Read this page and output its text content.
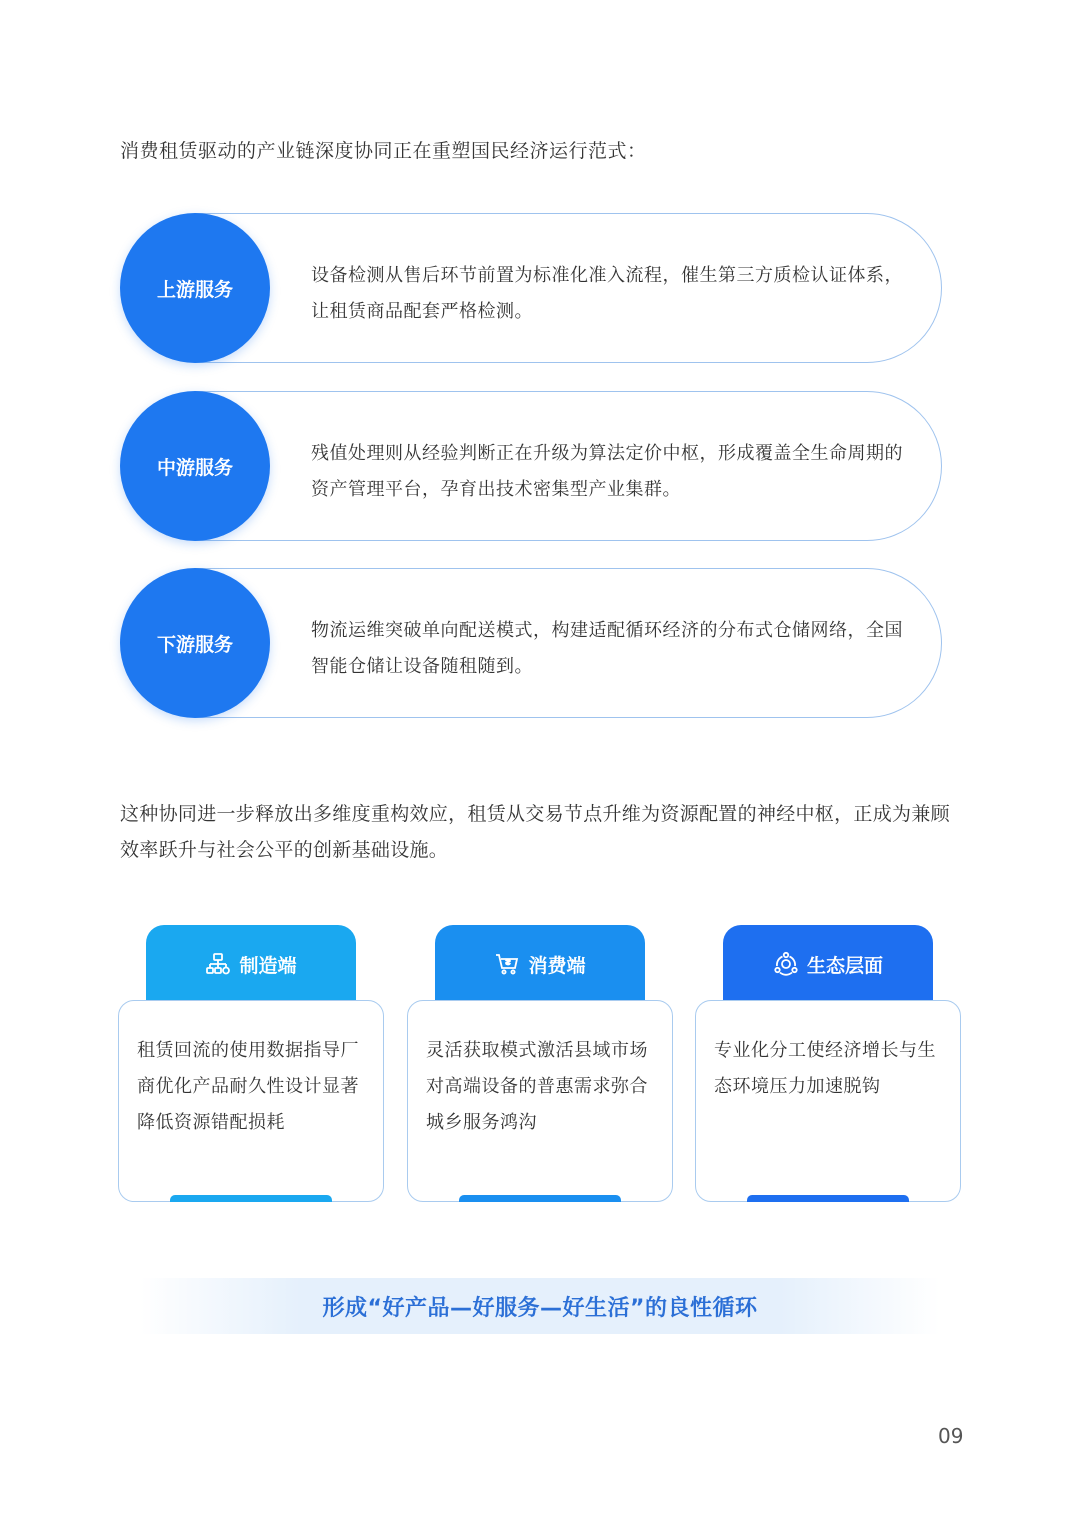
消费租赁驱动的产业链深度协同正在重塑国民经济运行范式：

设备检测从售后环节前置为标准化准入流程，催生第三方质检认证体系，让租赁商品配套严格检测。
上游服务
残值处理则从经验判断正在升级为算法定价中枢，形成覆盖全生命周期的资产管理平台，孕育出技术密集型产业集群。
中游服务
物流运维突破单向配送模式，构建适配循环经济的分布式仓储网络，全国智能仓储让设备随租随到。
下游服务

这种协同进一步释放出多维度重构效应，租赁从交易节点升维为资源配置的神经中枢，正成为兼顾效率跃升与社会公平的创新基础设施。

制造端
租赁回流的使用数据指导厂商优化产品耐久性设计显著降低资源错配损耗
消费端
灵活获取模式激活县域市场对高端设备的普惠需求弥合城乡服务鸿沟
生态层面
专业化分工使经济增长与生态环境压力加速脱钩
形成“好产品—好服务—好生活”的良性循环
09
